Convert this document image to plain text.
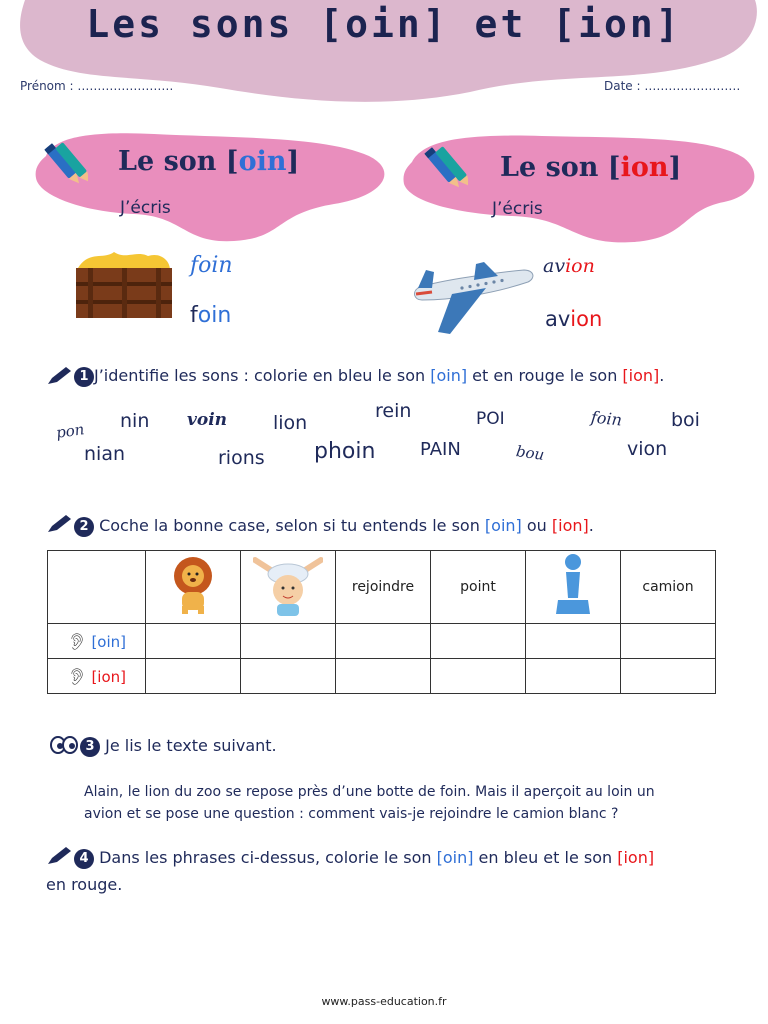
Les sons [oin] et [ion]
Prénom : ……………………	Date : ……………………
Le son [oin]
J’écris
foin
foin
Le son [ion]
J’écris
avion
avion
1 J’identifie les sons : colorie en bleu le son [oin] et en rouge le son [ion].
pon nin voin lion
rein	POI	foin	boi
nian	rions phoin PAIN	bou	vion
2 Coche la bonne case, selon si tu entends le son [oin] ou [ion].
			rejoindre	point		camion
👂︎ [oin]						
👂︎ [ion]						
3 Je lis le texte suivant.
Alain, le lion du zoo se repose près d’une botte de foin. Mais il aperçoit au loin un
avion et se pose une question : comment vais-je rejoindre le camion blanc ?
4 Dans les phrases ci-dessus, colorie le son [oin] en bleu et le son [ion]
en rouge.
www.pass-education.fr
